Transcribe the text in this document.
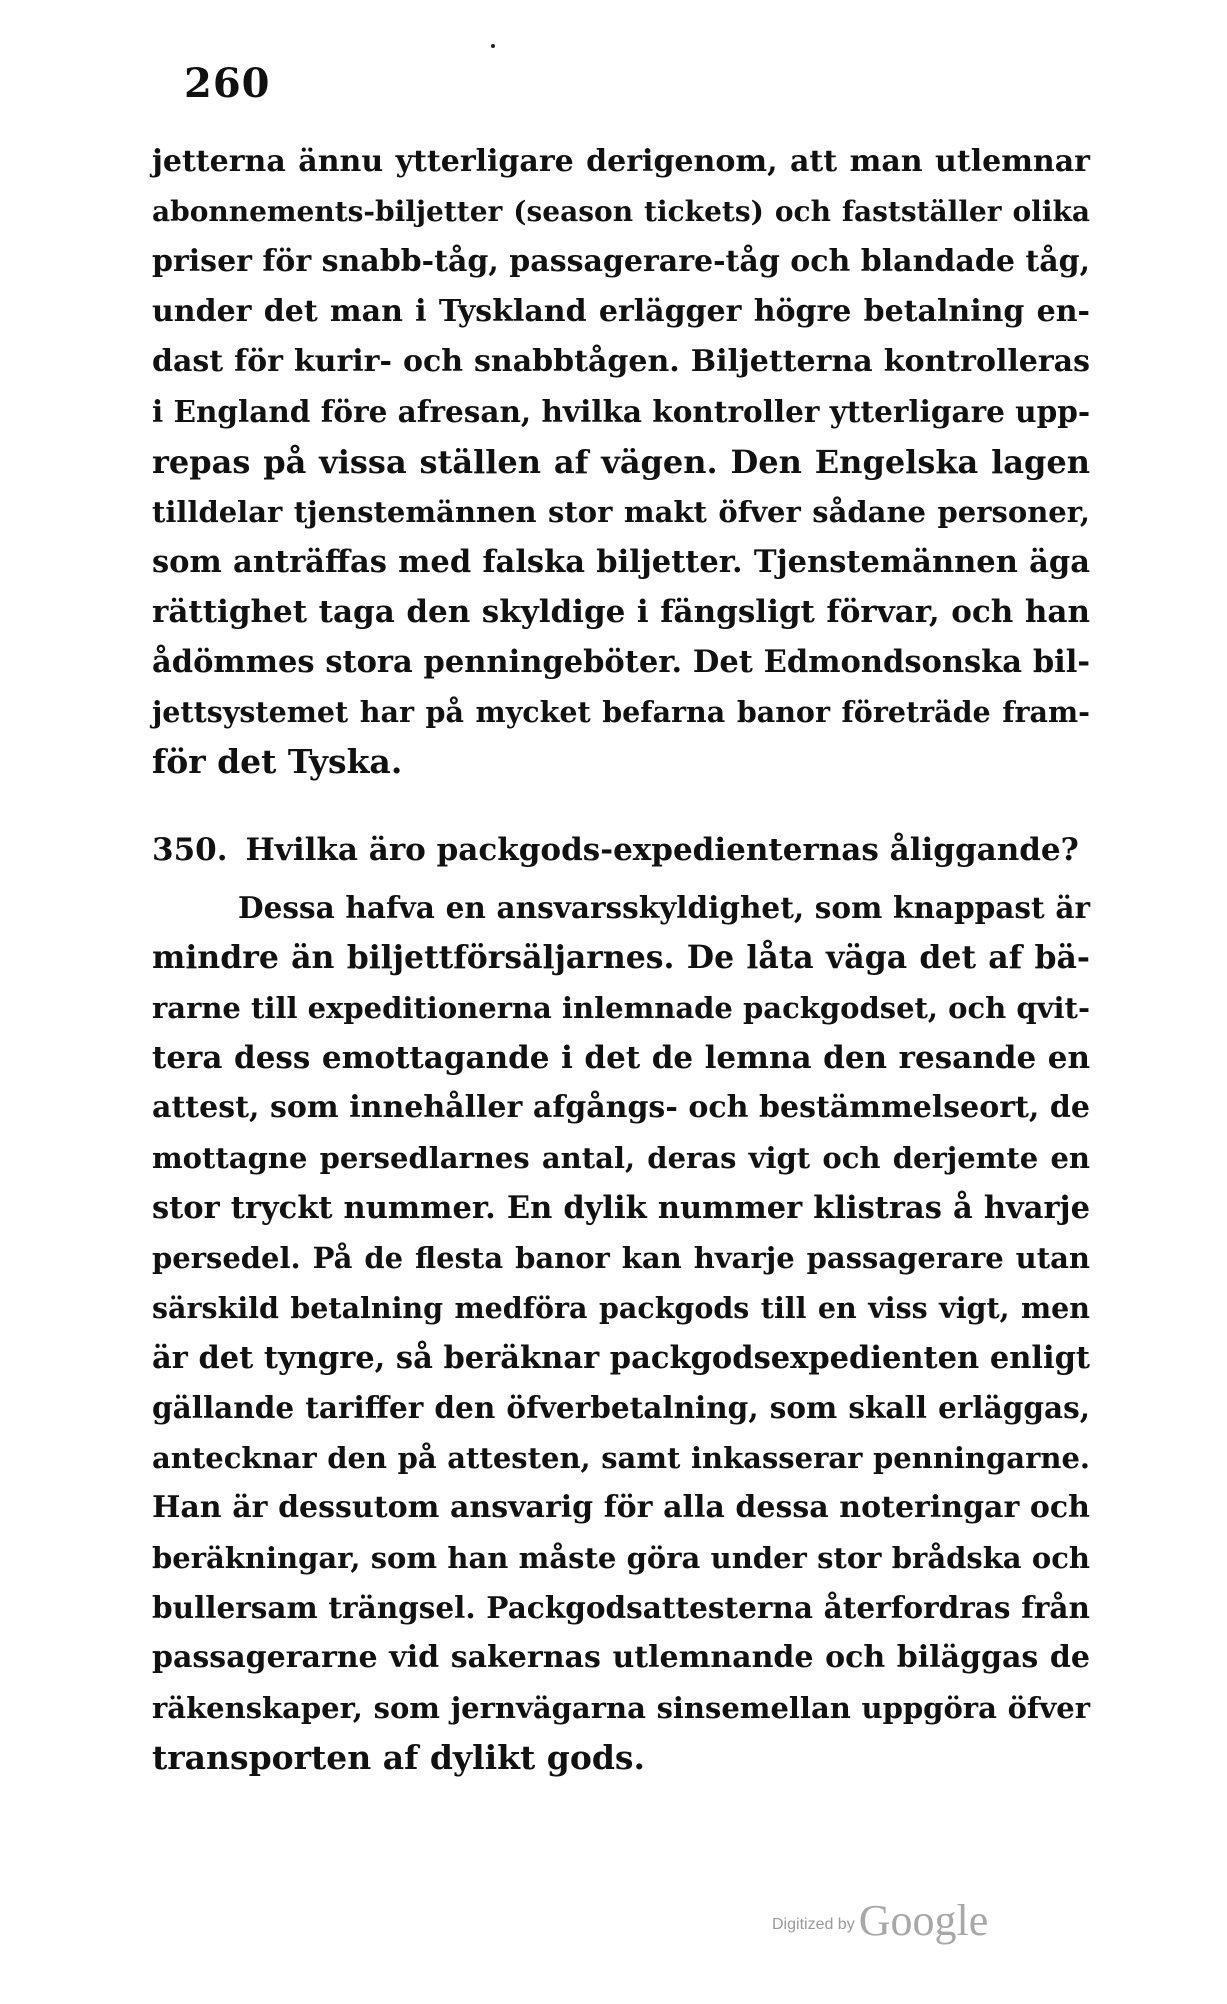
260
jetterna ännu ytterligare derigenom, att man utlemnar
abonnements-biljetter (season tickets) och fastställer olika
priser för snabb-tåg, passagerare-tåg och blandade tåg,
under det man i Tyskland erlägger högre betalning en-
dast för kurir- och snabbtågen. Biljetterna kontrolleras
i England före afresan, hvilka kontroller ytterligare upp-
repas på vissa ställen af vägen. Den Engelska lagen
tilldelar tjenstemännen stor makt öfver sådane personer,
som anträffas med falska biljetter. Tjenstemännen äga
rättighet taga den skyldige i fängsligt förvar, och han
ådömmes stora penningeböter. Det Edmondsonska bil-
jettsystemet har på mycket befarna banor företräde fram-
för det Tyska.
350. Hvilka äro packgods-expedienternas åliggande?
Dessa hafva en ansvarsskyldighet, som knappast är
mindre än biljettförsäljarnes. De låta väga det af bä-
rarne till expeditionerna inlemnade packgodset, och qvit-
tera dess emottagande i det de lemna den resande en
attest, som innehåller afgångs- och bestämmelseort, de
mottagne persedlarnes antal, deras vigt och derjemte en
stor tryckt nummer. En dylik nummer klistras å hvarje
persedel. På de flesta banor kan hvarje passagerare utan
särskild betalning medföra packgods till en viss vigt, men
är det tyngre, så beräknar packgodsexpedienten enligt
gällande tariffer den öfverbetalning, som skall erläggas,
antecknar den på attesten, samt inkasserar penningarne.
Han är dessutom ansvarig för alla dessa noteringar och
beräkningar, som han måste göra under stor brådska och
bullersam trängsel. Packgodsattesterna återfordras från
passagerarne vid sakernas utlemnande och biläggas de
räkenskaper, som jernvägarna sinsemellan uppgöra öfver
transporten af dylikt gods.
Digitized byGoogle
